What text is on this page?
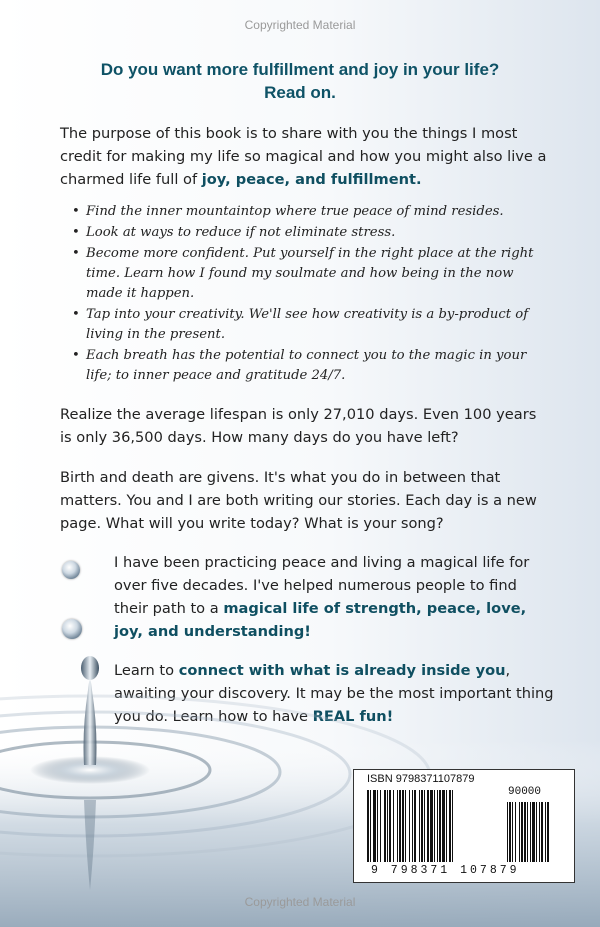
Copyrighted Material
Do you want more fulfillment and joy in your life?
Read on.
The purpose of this book is to share with you the things I most credit for making my life so magical and how you might also live a charmed life full of joy, peace, and fulfillment.
• Find the inner mountaintop where true peace of mind resides.
• Look at ways to reduce if not eliminate stress.
• Become more confident. Put yourself in the right place at the right time. Learn how I found my soulmate and how being in the now made it happen.
• Tap into your creativity. We'll see how creativity is a by-product of living in the present.
• Each breath has the potential to connect you to the magic in your life; to inner peace and gratitude 24/7.
Realize the average lifespan is only 27,010 days. Even 100 years is only 36,500 days. How many days do you have left?
Birth and death are givens. It's what you do in between that matters. You and I are both writing our stories. Each day is a new page. What will you write today? What is your song?
I have been practicing peace and living a magical life for over five decades. I've helped numerous people to find their path to a magical life of strength, peace, love, joy, and understanding!
Learn to connect with what is already inside you, awaiting your discovery. It may be the most important thing you do. Learn how to have REAL fun!
ISBN 9798371107879
90000
9 798371 107879
Copyrighted Material
